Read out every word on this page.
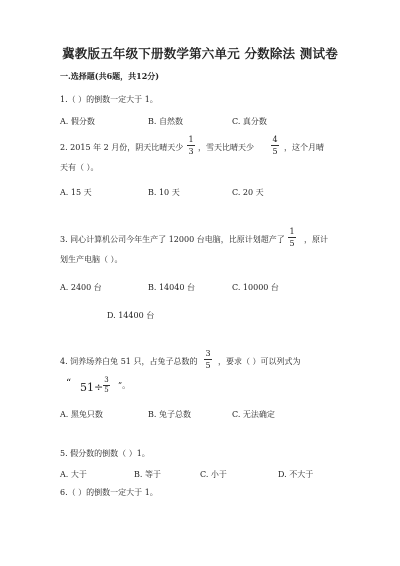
冀教版五年级下册数学第六单元 分数除法 测试卷
一.选择题(共6题，共12分)
1.（ ）的倒数一定大于 1。
A. 假分数	B. 自然数	C. 真分数
2. 2015 年 2 月份，阴天比晴天少
1
3 ，雪天比晴天少
4
5 ，这个月晴
天有（ ）。
A. 15 天	B. 10 天	C. 20 天
3. 同心计算机公司今年生产了 12000 台电脑，比原计划超产了
1
5 ，原计
划生产电脑（ ）。
A. 2400 台	B. 14040 台	C. 10000 台
D. 14400 台
4. 饲养场养白兔 51 只，占兔子总数的
3
5 ，要求（ ）可以列式为
“ 51÷
3
5 ”。
A. 黑兔只数	B. 兔子总数	C. 无法确定
5. 假分数的倒数（ ）1。
A. 大于	B. 等于	C. 小于	D. 不大于
6.（ ）的倒数一定大于 1。
